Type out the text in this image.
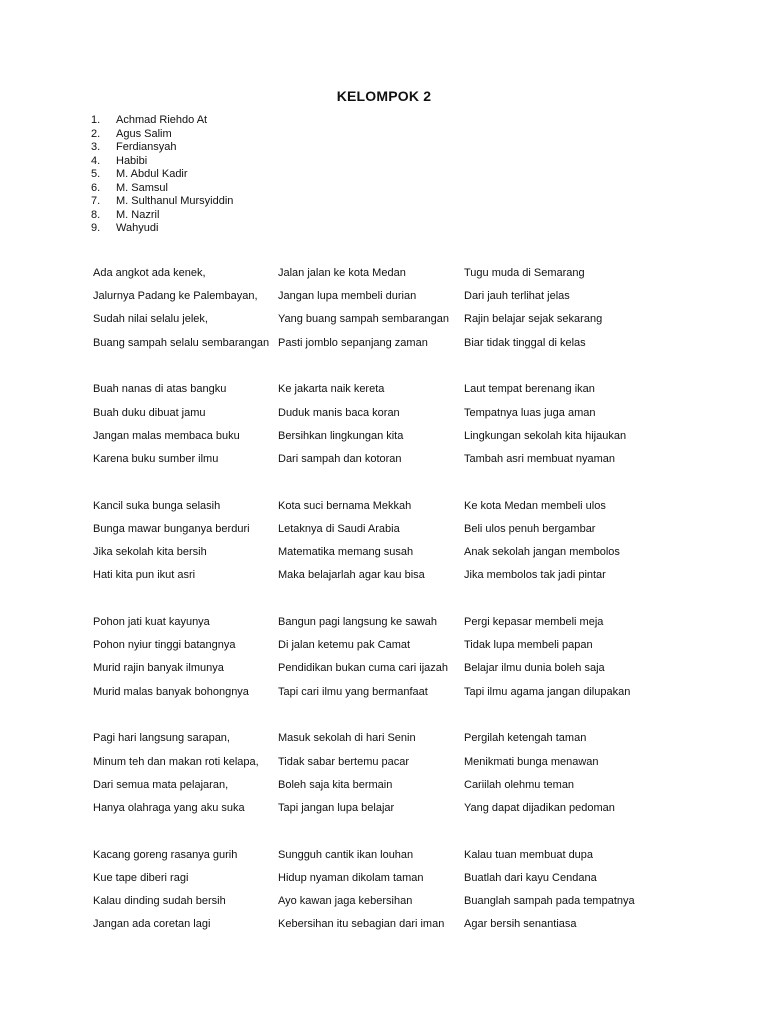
KELOMPOK 2
1. Achmad Riehdo At
2. Agus Salim
3. Ferdiansyah
4. Habibi
5. M. Abdul Kadir
6. M. Samsul
7. M. Sulthanul Mursyiddin
8. M. Nazril
9. Wahyudi
Ada angkot ada kenek,
Jalurnya Padang ke Palembayan,
Sudah nilai selalu jelek,
Buang sampah selalu sembarangan
Jalan jalan ke kota Medan
Jangan lupa membeli durian
Yang buang sampah sembarangan
Pasti jomblo sepanjang zaman
Tugu muda di Semarang
Dari jauh terlihat jelas
Rajin belajar sejak sekarang
Biar tidak tinggal di kelas
Buah nanas di atas bangku
Buah duku dibuat jamu
Jangan malas membaca buku
Karena buku sumber ilmu
Ke jakarta naik kereta
Duduk manis baca koran
Bersihkan lingkungan kita
Dari sampah dan kotoran
Laut tempat berenang ikan
Tempatnya luas juga aman
Lingkungan sekolah kita hijaukan
Tambah asri membuat nyaman
Kancil suka bunga selasih
Bunga mawar bunganya berduri
Jika sekolah kita bersih
Hati kita pun ikut asri
Kota suci bernama Mekkah
Letaknya di Saudi Arabia
Matematika memang susah
Maka belajarlah agar kau bisa
Ke kota Medan membeli ulos
Beli ulos penuh bergambar
Anak sekolah jangan membolos
Jika membolos tak jadi pintar
Pohon jati kuat kayunya
Pohon nyiur tinggi batangnya
Murid rajin banyak ilmunya
Murid malas banyak bohongnya
Bangun pagi langsung ke sawah
Di jalan ketemu pak Camat
Pendidikan bukan cuma cari ijazah
Tapi cari ilmu yang bermanfaat
Pergi kepasar membeli meja
Tidak lupa membeli papan
Belajar ilmu dunia boleh saja
Tapi ilmu agama jangan dilupakan
Pagi hari langsung sarapan,
Minum teh dan makan roti kelapa,
Dari semua mata pelajaran,
Hanya olahraga yang aku suka
Masuk sekolah di hari Senin
Tidak sabar bertemu pacar
Boleh saja kita bermain
Tapi jangan lupa belajar
Pergilah ketengah taman
Menikmati bunga menawan
Cariilah olehmu teman
Yang dapat dijadikan pedoman
Kacang goreng rasanya gurih
Kue tape diberi ragi
Kalau dinding sudah bersih
Jangan ada coretan lagi
Sungguh cantik ikan louhan
Hidup nyaman dikolam taman
Ayo kawan jaga kebersihan
Kebersihan itu sebagian dari iman
Kalau tuan membuat dupa
Buatlah dari kayu Cendana
Buanglah sampah pada tempatnya
Agar bersih senantiasa
